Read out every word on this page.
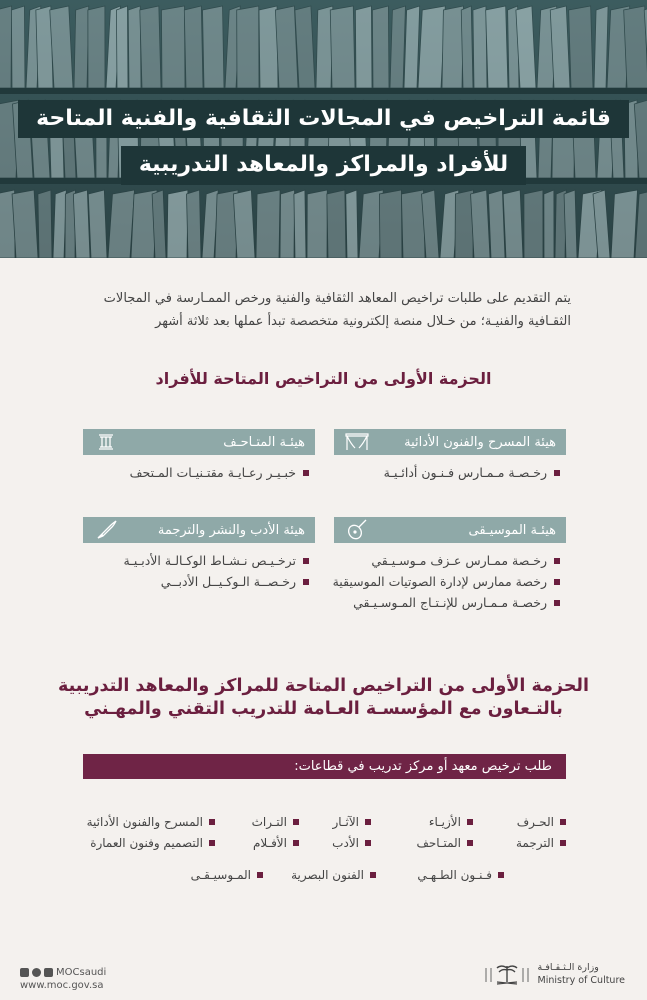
قائمة التراخيص في المجالات الثقافية والفنية المتاحة
للأفراد والمراكز والمعاهد التدريبية
يتم التقديم على طلبات تراخيص المعاهد الثقافية والفنية ورخص الممـارسة في المجالات الثقـافية والفنيـة؛ من خـلال منصة إلكترونية متخصصة تبدأ عملها بعد ثلاثة أشهر
الحزمة الأولى من التراخيص المتاحة للأفراد
هيئة المسرح والفنون الأدائية
رخـصـة مـمـارس فـنـون أدائـيـة
هيئـة المتـاحـف
خبـيـر رعـايـة مقتـنيـات المـتحف
هيئـة الموسيـقى
رخـصة ممـارس عـزف مـوسـيـقي
رخصة ممارس لإدارة الصوتيات الموسيقية
رخصـة مـمـارس للإنـتـاج المـوسـيـقي
هيئة الأدب والنشر والترجمة
ترخـيـص نـشـاط الوكـالـة الأدبـيـة
رخـصــة الـوكـيــل الأدبــي
الحزمة الأولى من التراخيص المتاحة للمراكز والمعاهد التدريبية
بالتـعاون مع المؤسسـة العـامة للتدريب التقني والمهـني
طلب ترخيص معهد أو مركز تدريب في قطاعات:
الحـرف
الأزيـاء
الآثـار
التـراث
المسرح والفنون الأدائية
الترجمة
المتـاحف
الأدب
الأفـلام
التصميم وفنون العمارة
فـنـون الطـهـي
الفنون البصرية
المـوسيـقـى
MOCsaudi
www.moc.gov.sa
وزارة الـثـقـافـة
Ministry of Culture
